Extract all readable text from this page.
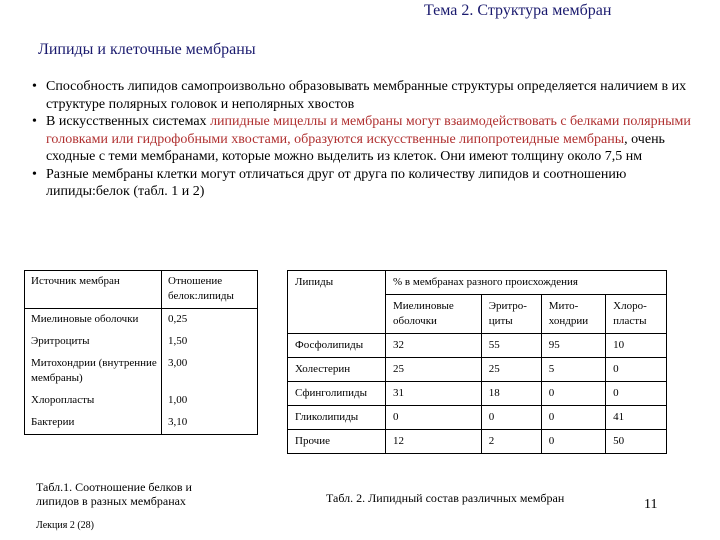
Тема 2. Структура мембран
Липиды и клеточные мембраны
• Способность липидов самопроизвольно образовывать мембранные структуры определяется наличием в их структуре полярных головок и неполярных хвостов
• В искусственных системах липидные мицеллы и мембраны могут взаимодействовать с белками полярными головками или гидрофобными хвостами, образуются искусственные липопротеидные мембраны, очень сходные с теми мембранами, которые можно выделить из клеток. Они имеют толщину около 7,5 нм
• Разные мембраны клетки могут отличаться друг от друга по количеству липидов и соотношению липиды:белок (табл. 1 и 2)
Источник мембран	Отношение белок:липиды
Миелиновые оболочки	0,25
Эритроциты	1,50
Митохондрии (внутренние мембраны)	3,00
Хлоропласты	1,00
Бактерии	3,10
Табл.1. Соотношение белков и липидов в разных мембранах
Лекция 2 (28)
Липиды	% в мембранах разного происхождения			
	Миелиновые оболочки	Эритро-циты	Мито-хондрии	Хлоро-пласты
Фосфолипиды	32	55	95	10
Холестерин	25	25	5	0
Сфинголипиды	31	18	0	0
Гликолипиды	0	0	0	41
Прочие	12	2	0	50
Табл. 2. Липидный состав различных мембран	11
